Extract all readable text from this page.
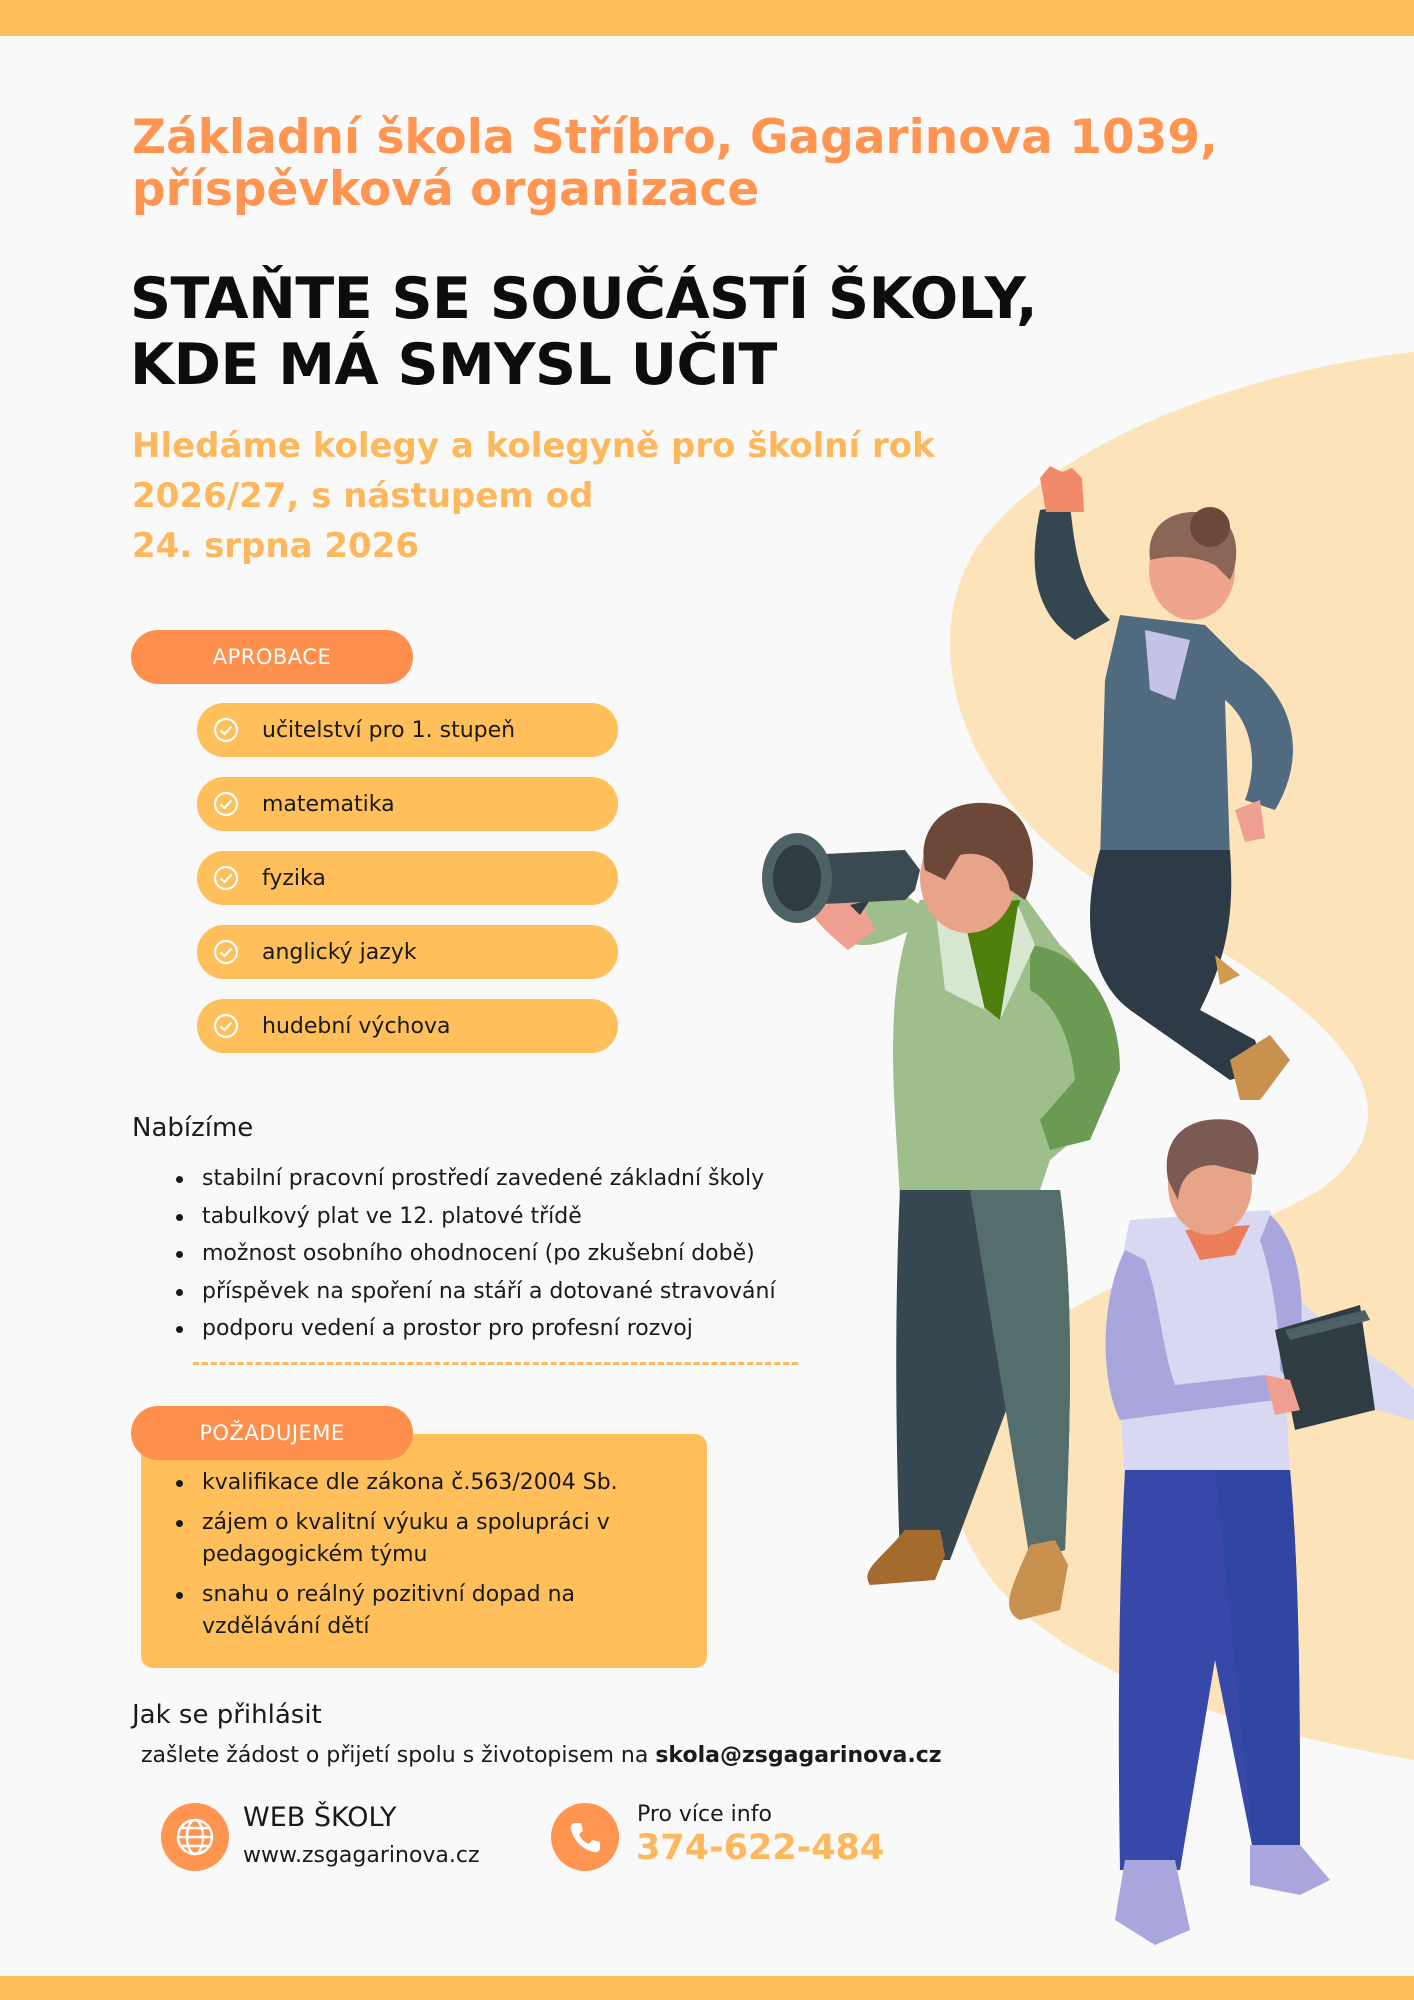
Základní škola Stříbro, Gagarinova 1039,
příspěvková organizace
STAŇTE SE SOUČÁSTÍ ŠKOLY,
KDE MÁ SMYSL UČIT
Hledáme kolegy a kolegyně pro školní rok
2026/27, s nástupem od
24. srpna 2026
APROBACE
učitelství pro 1. stupeň
matematika
fyzika
anglický jazyk
hudební výchova
Nabízíme
stabilní pracovní prostředí zavedené základní školy
tabulkový plat ve 12. platové třídě
možnost osobního ohodnocení (po zkušební době)
příspěvek na spoření na stáří a dotované stravování
podporu vedení a prostor pro profesní rozvoj
POŽADUJEME
kvalifikace dle zákona č.563/2004 Sb.
zájem o kvalitní výuku a spolupráci v pedagogickém týmu
snahu o reálný pozitivní dopad na vzdělávání dětí
Jak se přihlásit
zašlete žádost o přijetí spolu s životopisem na skola@zsgagarinova.cz
WEB ŠKOLY
www.zsgagarinova.cz
Pro více info
374-622-484
